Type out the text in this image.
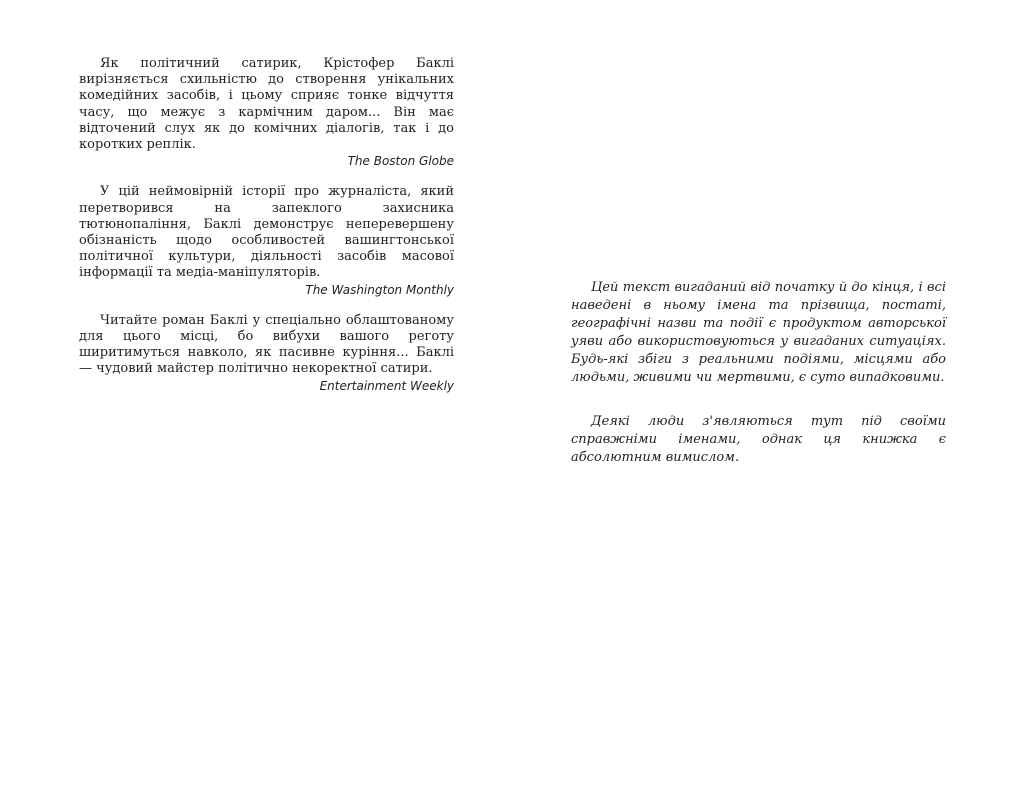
Як політичний сатирик, Крістофер Баклі вирізняється схильністю до створення унікальних комедійних засобів, і цьому сприяє тонке відчуття часу, що межує з кармічним даром... Він має відточений слух як до комічних діалогів, так і до коротких реплік.

The Boston Globe

У цій неймовірній історії про журналіста, який перетворився на запеклого захисника тютюнопаління, Баклі демонструє неперевершену обізнаність щодо особливостей вашингтонської політичної культури, діяльності засобів масової інформації та медіа-маніпуляторів.

The Washington Monthly

Читайте роман Баклі у спеціально облаштованому для цього місці, бо вибухи вашого реготу ширитимуться навколо, як пасивне куріння... Баклі — чудовий майстер політично некоректної сатири.

Entertainment Weekly

Цей текст вигаданий від початку й до кінця, і всі наведені в ньому імена та прізвища, постаті, географічні назви та події є продуктом авторської уяви або використовуються у вигаданих ситуаціях. Будь-які збіги з реальними подіями, місцями або людьми, живими чи мертвими, є суто випадковими.

Деякі люди з'являються тут під своїми справжніми іменами, однак ця книжка є абсолютним вимислом.
